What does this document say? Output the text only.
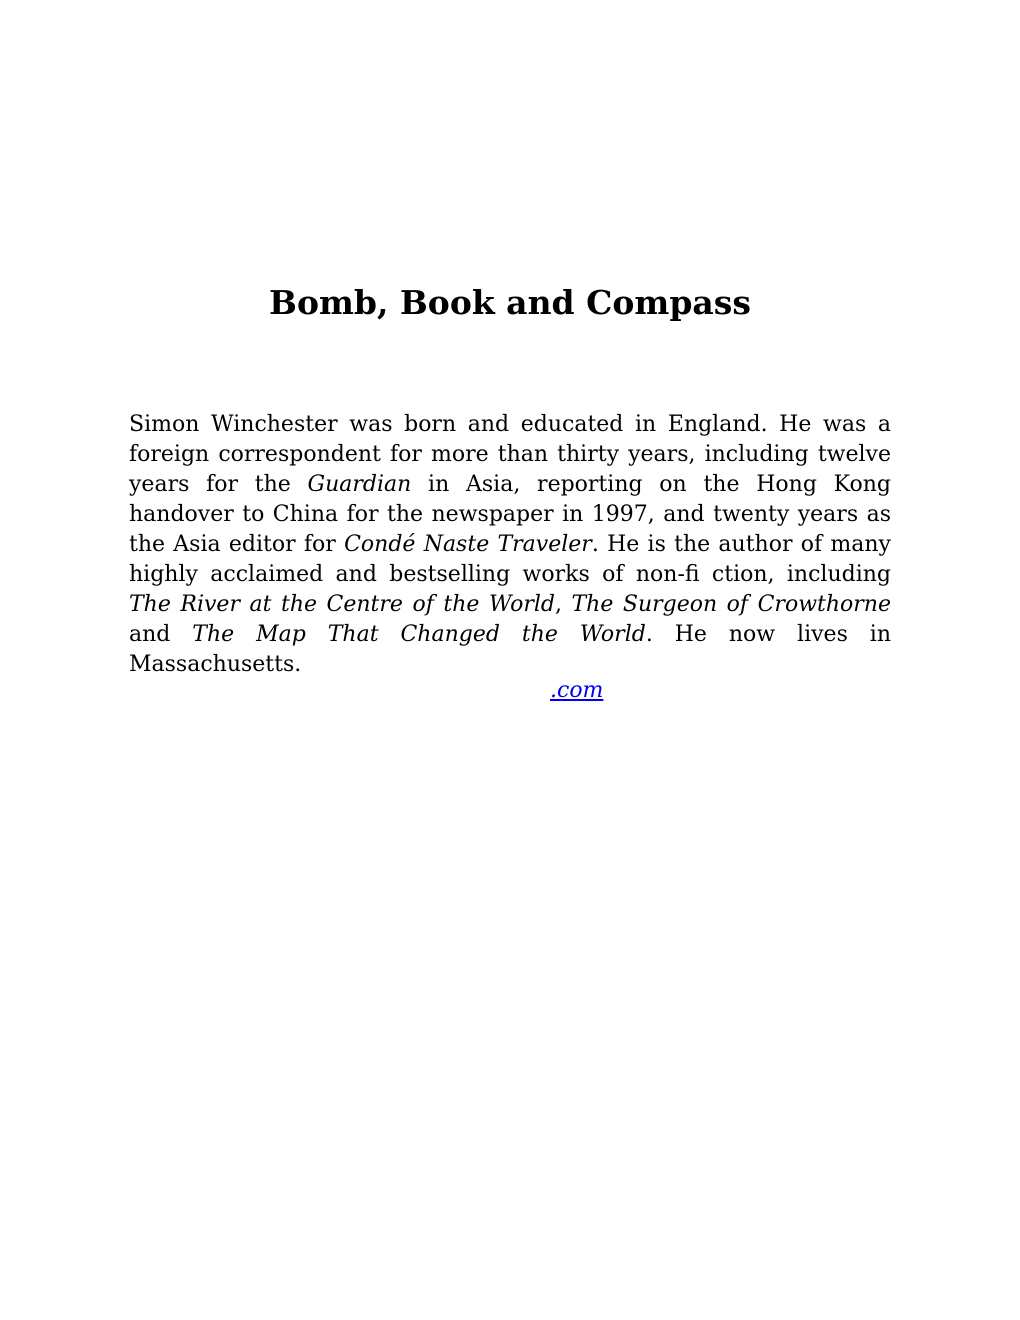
Bomb, Book and Compass

Simon Winchester was born and educated in England. He was a foreign correspondent for more than thirty years, including twelve years for the Guardian in Asia, reporting on the Hong Kong handover to China for the newspaper in 1997, and twenty years as the Asia editor for Condé Naste Traveler. He is the author of many highly acclaimed and bestselling works of non-fi ction, including The River at the Centre of the World, The Surgeon of Crowthorne and The Map That Changed the World. He now lives in Massachusetts.

.com
